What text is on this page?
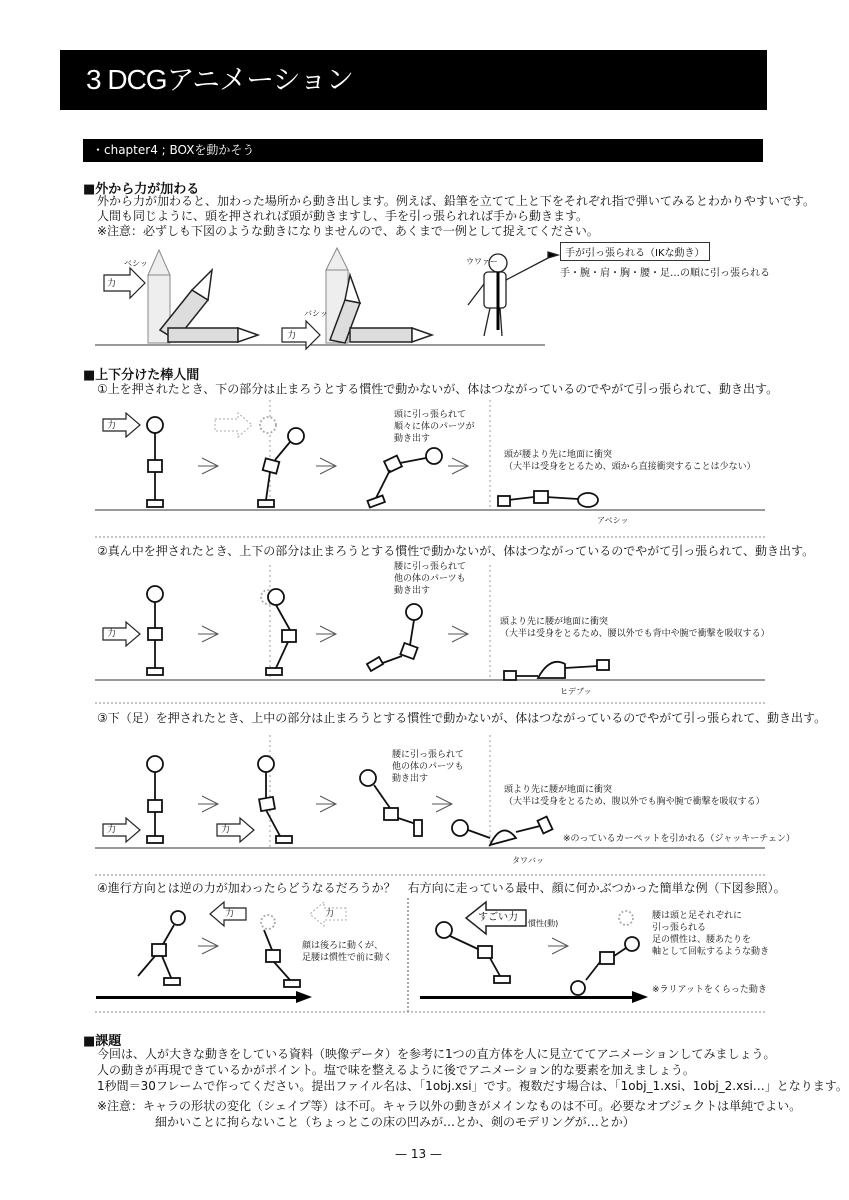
3 DCGアニメーション
・chapter4 ; BOXを動かそう
■外から力が加わる
外から力が加わると、加わった場所から動き出します。例えば、鉛筆を立てて上と下をそれぞれ指で弾いてみるとわかりやすいです。
人間も同じように、頭を押されれば頭が動きますし、手を引っ張られれば手から動きます。
※注意：必ずしも下図のような動きになりませんので、あくまで一例として捉えてください。
力
力
ベシッ
バシッ
ウワァー
手が引っ張られる（IKな動き）
手・腕・肩・胸・腰・足…の順に引っ張られる
■上下分けた棒人間
①上を押されたとき、下の部分は止まろうとする慣性で動かないが、体はつながっているのでやがて引っ張られて、動き出す。
力
頭に引っ張られて
順々に体のパーツが
動き出す
頭が腰より先に地面に衝突
（大半は受身をとるため、頭から直接衝突することは少ない）
アベシッ
②真ん中を押されたとき、上下の部分は止まろうとする慣性で動かないが、体はつながっているのでやがて引っ張られて、動き出す。
力
腰に引っ張られて
他の体のパーツも
動き出す
頭より先に腰が地面に衝突
（大半は受身をとるため、腰以外でも背中や腕で衝撃を吸収する）
ヒデブッ
③下（足）を押されたとき、上中の部分は止まろうとする慣性で動かないが、体はつながっているのでやがて引っ張られて、動き出す。
力	力
腰に引っ張られて
他の体のパーツも
動き出す
頭より先に腰が地面に衝突
（大半は受身をとるため、腹以外でも胸や腕で衝撃を吸収する）
※のっているカーペットを引かれる（ジャッキーチェン）
タワバッ
④進行方向とは逆の力が加わったらどうなるだろうか？　右方向に走っている最中、顔に何かぶつかった簡単な例（下図参照）。
力	力
顔は後ろに動くが、
足腰は慣性で前に動く
すごい力
慣性(動)
腰は頭と足それぞれに
引っ張られる
足の慣性は、腰あたりを
軸として回転するような動き
※ラリアットをくらった動き
■課題
今回は、人が大きな動きをしている資料（映像データ）を参考に1つの直方体を人に見立ててアニメーションしてみましょう。
人の動きが再現できているかがポイント。塩で味を整えるように後でアニメーション的な要素を加えましょう。
1秒間＝30フレームで作ってください。提出ファイル名は、「1obj.xsi」です。複数だす場合は、「1obj_1.xsi、1obj_2.xsi…」となります。
※注意：キャラの形状の変化（シェイプ等）は不可。キャラ以外の動きがメインなものは不可。必要なオブジェクトは単純でよい。
細かいことに拘らないこと（ちょっとこの床の凹みが…とか、剣のモデリングが…とか）
— 13 —
